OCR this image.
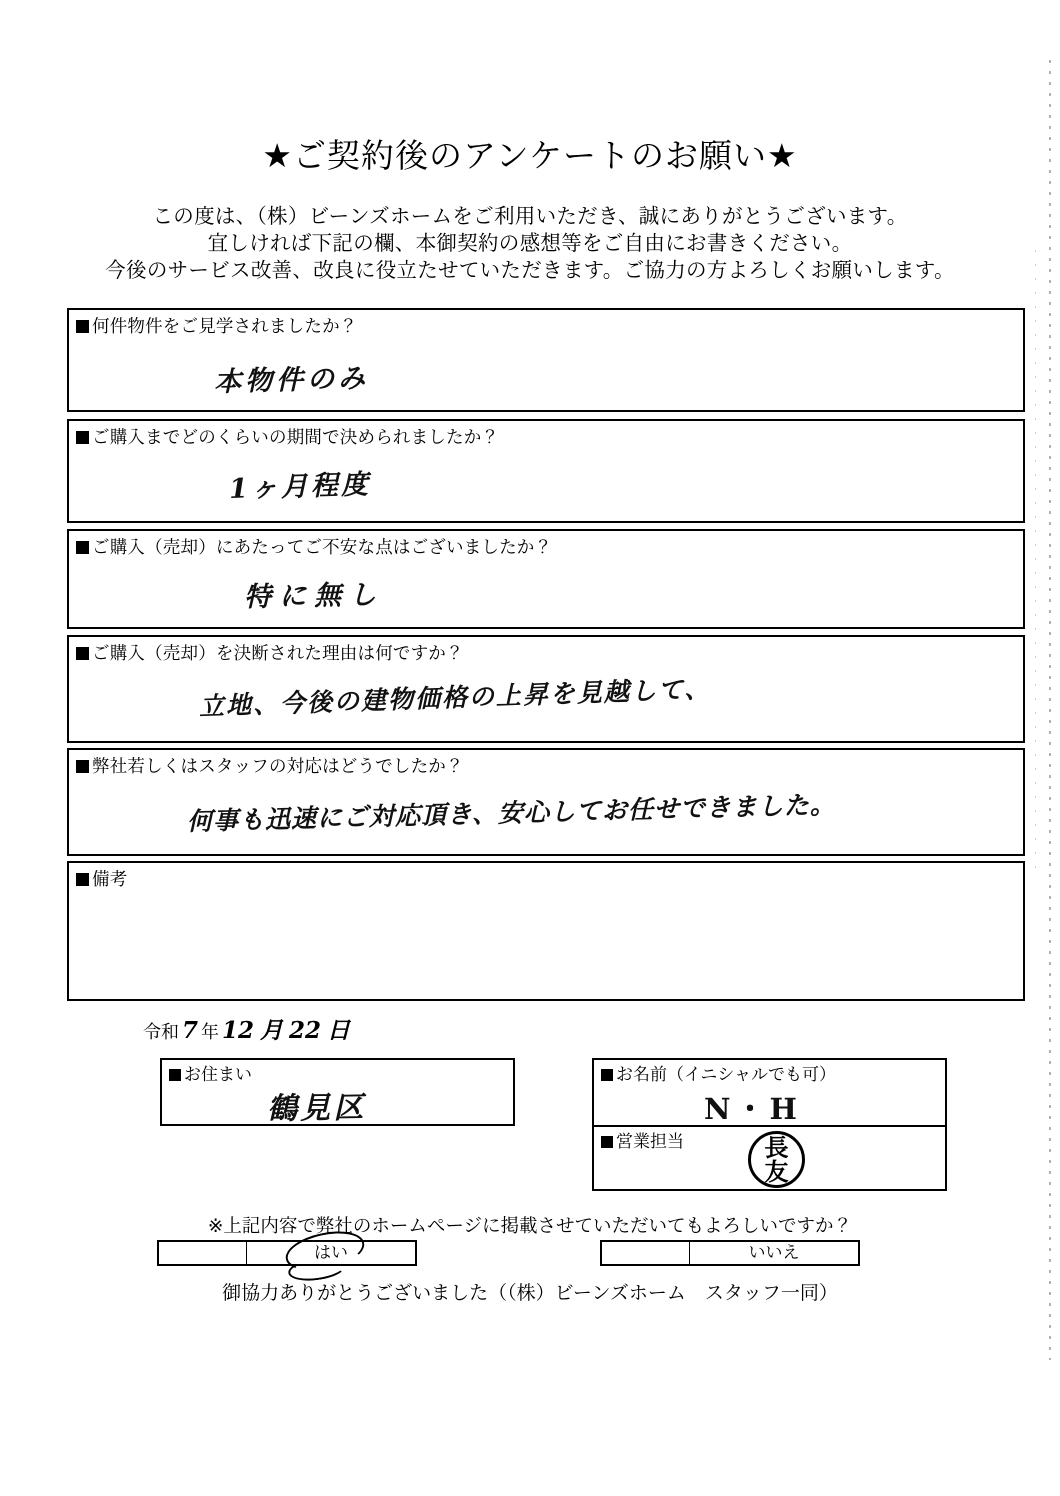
★ご契約後のアンケートのお願い★
この度は、（株）ビーンズホームをご利用いただき、誠にありがとうございます。
宜しければ下記の欄、本御契約の感想等をご自由にお書きください。
今後のサービス改善、改良に役立たせていただきます。ご協力の方よろしくお願いします。
何件物件をご見学されましたか？
本物件のみ
ご購入までどのくらいの期間で決められましたか？
1ヶ月程度
ご購入（売却）にあたってご不安な点はございましたか？
特に無し
ご購入（売却）を決断された理由は何ですか？
立地、今後の建物価格の上昇を見越して、
弊社若しくはスタッフの対応はどうでしたか？
何事も迅速にご対応頂き、安心してお任せできました。
備考
令和 7 年 12 月 22 日
お住まい
鶴見区
お名前（イニシャルでも可）
N・H
営業担当	長
友
※上記内容で弊社のホームページに掲載させていただいてもよろしいですか？
はい	いいえ
御協力ありがとうございました（（株）ビーンズホーム　スタッフ一同）
